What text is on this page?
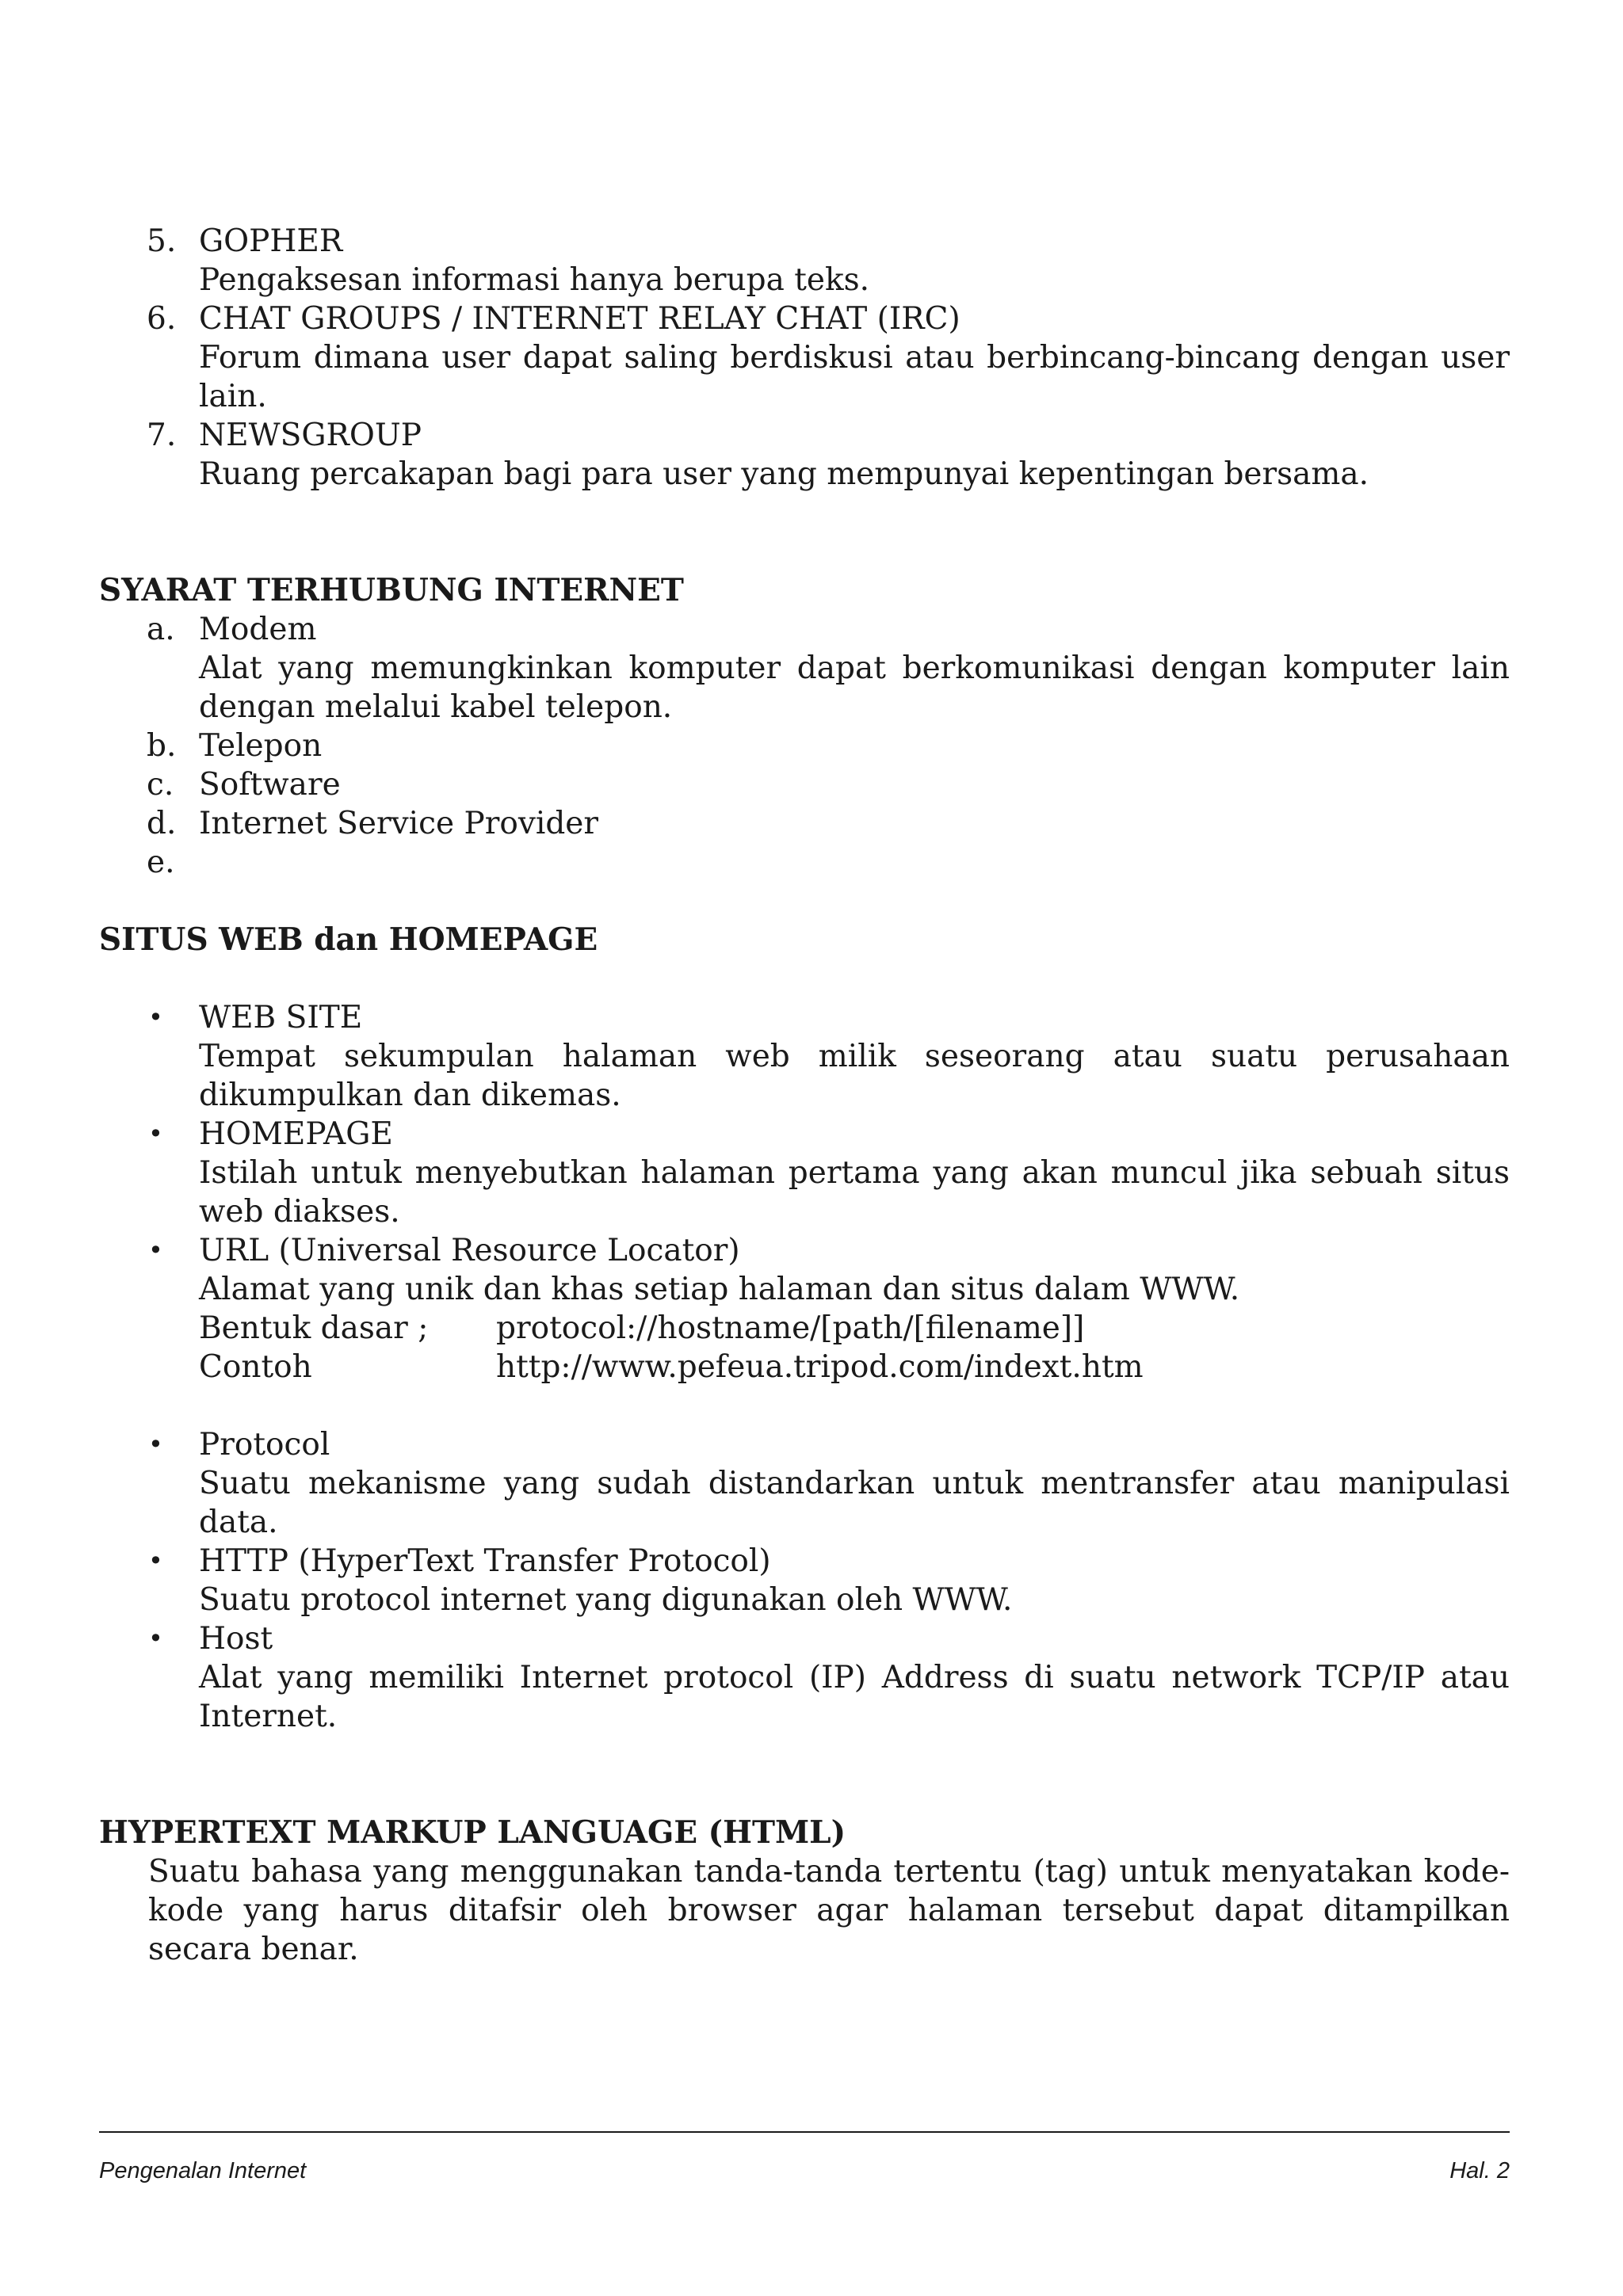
5. GOPHER
Pengaksesan informasi hanya berupa teks.
6. CHAT GROUPS / INTERNET RELAY CHAT (IRC)
Forum dimana user dapat saling berdiskusi atau berbincang-bincang dengan user lain.
7. NEWSGROUP
Ruang percakapan bagi para user yang mempunyai kepentingan bersama.
SYARAT TERHUBUNG INTERNET
a. Modem
Alat yang memungkinkan komputer dapat berkomunikasi dengan komputer lain dengan melalui kabel telepon.
b. Telepon
c. Software
d. Internet Service Provider
e.

SITUS WEB dan HOMEPAGE
•	WEB SITE
Tempat sekumpulan halaman web milik seseorang atau suatu perusahaan dikumpulkan dan dikemas.
•	HOMEPAGE
Istilah untuk menyebutkan halaman pertama yang akan muncul jika sebuah situs web diakses.
•	URL (Universal Resource Locator)
Alamat yang unik dan khas setiap halaman dan situs dalam WWW.
Bentuk dasar ;	protocol://hostname/[path/[filename]]
Contoh	http://www.pefeua.tripod.com/indext.htm
•	Protocol
Suatu mekanisme yang sudah distandarkan untuk mentransfer atau manipulasi data.
•	HTTP (HyperText Transfer Protocol)
Suatu protocol internet yang digunakan oleh WWW.
•	Host
Alat yang memiliki Internet protocol (IP) Address di suatu network TCP/IP atau Internet.
HYPERTEXT MARKUP LANGUAGE (HTML)
Suatu bahasa yang menggunakan tanda-tanda tertentu (tag) untuk menyatakan kode-kode yang harus ditafsir oleh browser agar halaman tersebut dapat ditampilkan secara benar.
Pengenalan Internet	Hal. 2
